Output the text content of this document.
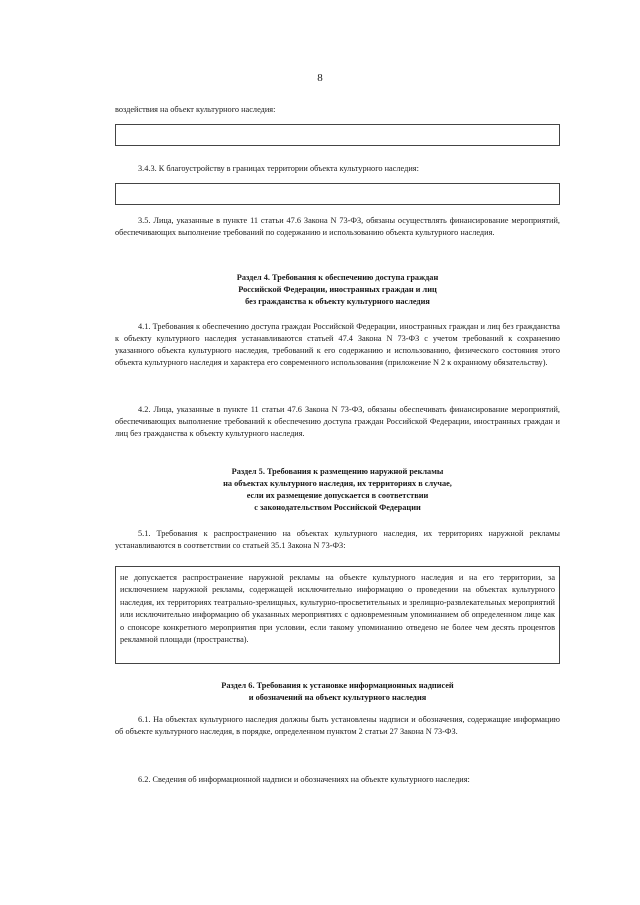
8

воздействия на объект культурного наследия:

3.4.3. К благоустройству в границах территории объекта культурного наследия:

3.5. Лица, указанные в пункте 11 статьи 47.6 Закона N 73-ФЗ, обязаны осуществлять финансирование мероприятий, обеспечивающих выполнение требований по содержанию и использованию объекта культурного наследия.

Раздел 4. Требования к обеспечению доступа граждан
Российской Федерации, иностранных граждан и лиц
без гражданства к объекту культурного наследия

4.1. Требования к обеспечению доступа граждан Российской Федерации, иностранных граждан и лиц без гражданства к объекту культурного наследия устанавливаются статьей 47.4 Закона N 73-ФЗ с учетом требований к сохранению указанного объекта культурного наследия, требований к его содержанию и использованию, физического состояния этого объекта культурного наследия и характера его современного использования (приложение N 2 к охранному обязательству).

4.2. Лица, указанные в пункте 11 статьи 47.6 Закона N 73-ФЗ, обязаны обеспечивать финансирование мероприятий, обеспечивающих выполнение требований к обеспечению доступа граждан Российской Федерации, иностранных граждан и лиц без гражданства к объекту культурного наследия.

Раздел 5. Требования к размещению наружной рекламы
на объектах культурного наследия, их территориях в случае,
если их размещение допускается в соответствии
с законодательством Российской Федерации

5.1. Требования к распространению на объектах культурного наследия, их территориях наружной рекламы устанавливаются в соответствии со статьей 35.1 Закона N 73-ФЗ:

не допускается распространение наружной рекламы на объекте культурного наследия и на его территории, за исключением наружной рекламы, содержащей исключительно информацию о проведении на объектах культурного наследия, их территориях театрально-зрелищных, культурно-просветительных и зрелищно-развлекательных мероприятий или исключительно информацию об указанных мероприятиях с одновременным упоминанием об определенном лице как о спонсоре конкретного мероприятия при условии, если такому упоминанию отведено не более чем десять процентов рекламной площади (пространства).

Раздел 6. Требования к установке информационных надписей
и обозначений на объект культурного наследия

6.1. На объектах культурного наследия должны быть установлены надписи и обозначения, содержащие информацию об объекте культурного наследия, в порядке, определенном пунктом 2 статьи 27 Закона N 73-ФЗ.

6.2. Сведения об информационной надписи и обозначениях на объекте культурного наследия:
